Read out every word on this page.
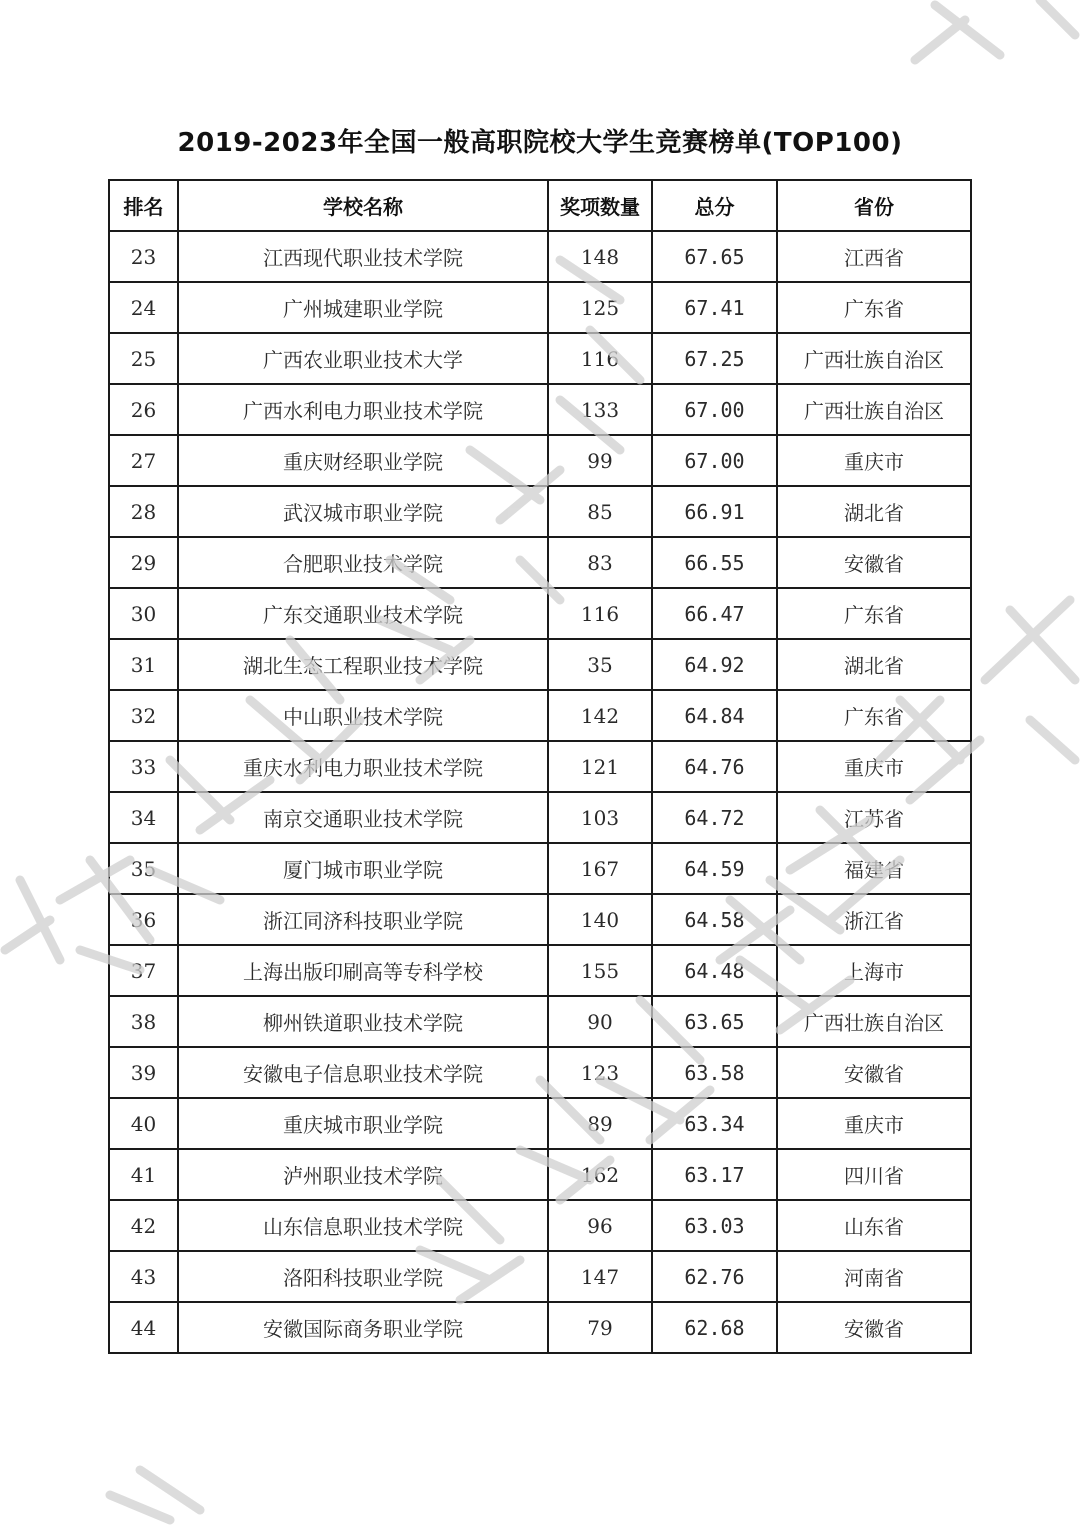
2019-2023年全国一般高职院校大学生竞赛榜单(TOP100)
排名	学校名称	奖项数量	总分	省份
23	江西现代职业技术学院	148	67.65	江西省
24	广州城建职业学院	125	67.41	广东省
25	广西农业职业技术大学	116	67.25	广西壮族自治区
26	广西水利电力职业技术学院	133	67.00	广西壮族自治区
27	重庆财经职业学院	99	67.00	重庆市
28	武汉城市职业学院	85	66.91	湖北省
29	合肥职业技术学院	83	66.55	安徽省
30	广东交通职业技术学院	116	66.47	广东省
31	湖北生态工程职业技术学院	35	64.92	湖北省
32	中山职业技术学院	142	64.84	广东省
33	重庆水利电力职业技术学院	121	64.76	重庆市
34	南京交通职业技术学院	103	64.72	江苏省
35	厦门城市职业学院	167	64.59	福建省
36	浙江同济科技职业学院	140	64.58	浙江省
37	上海出版印刷高等专科学校	155	64.48	上海市
38	柳州铁道职业技术学院	90	63.65	广西壮族自治区
39	安徽电子信息职业技术学院	123	63.58	安徽省
40	重庆城市职业学院	89	63.34	重庆市
41	泸州职业技术学院	162	63.17	四川省
42	山东信息职业技术学院	96	63.03	山东省
43	洛阳科技职业学院	147	62.76	河南省
44	安徽国际商务职业学院	79	62.68	安徽省
